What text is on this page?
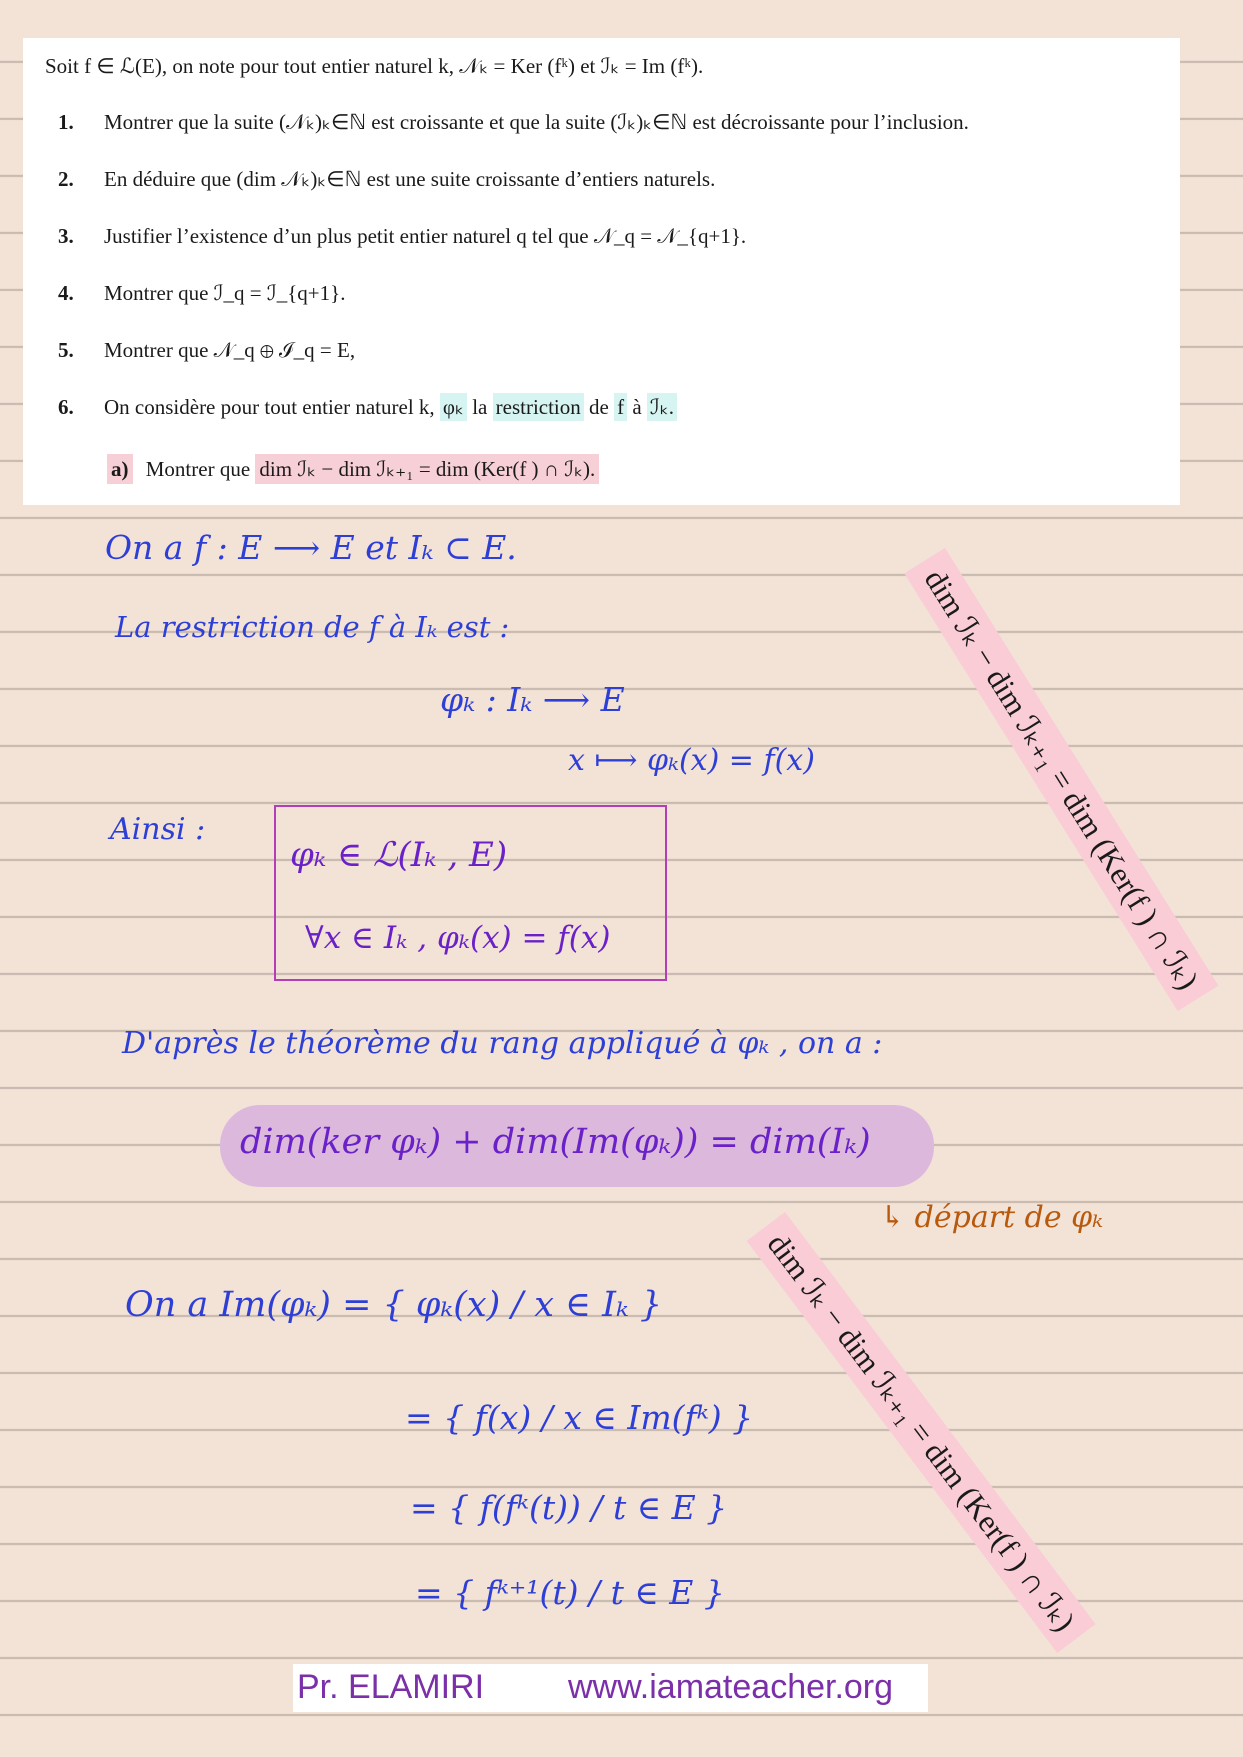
Soit f ∈ ℒ(E), on note pour tout entier naturel k, 𝒩ₖ = Ker (fᵏ) et ℐₖ = Im (fᵏ).
1. Montrer que la suite (𝒩ₖ)ₖ∈ℕ est croissante et que la suite (ℐₖ)ₖ∈ℕ est décroissante pour l’inclusion.
2. En déduire que (dim 𝒩ₖ)ₖ∈ℕ est une suite croissante d’entiers naturels.
3. Justifier l’existence d’un plus petit entier naturel q tel que 𝒩_q = 𝒩_{q+1}.
4. Montrer que ℐ_q = ℐ_{q+1}.
5. Montrer que 𝒩_q ⊕ ℐ_q = E,
6. On considère pour tout entier naturel k, φₖ la restriction de f à ℐₖ.
a) Montrer que dim ℐₖ − dim ℐₖ₊₁ = dim (Ker(f ) ∩ ℐₖ).
On a f : E ⟶ E et Iₖ ⊂ E.
La restriction de f à Iₖ est :
φₖ : Iₖ ⟶ E
x ⟼ φₖ(x) = f(x)
Ainsi :
φₖ ∈ ℒ(Iₖ , E)
∀x ∈ Iₖ , φₖ(x) = f(x)
D'après le théorème du rang appliqué à φₖ , on a :
dim(ker φₖ) + dim(Im(φₖ)) = dim(Iₖ)
↳ départ de φₖ
On a Im(φₖ) = { φₖ(x) / x ∈ Iₖ }
= { f(x) / x ∈ Im(fᵏ) }
= { f(fᵏ(t)) / t ∈ E }
= { fᵏ⁺¹(t) / t ∈ E }
dim ℐₖ − dim ℐₖ₊₁ = dim (Ker(f ) ∩ ℐₖ)
dim ℐₖ − dim ℐₖ₊₁ = dim (Ker(f ) ∩ ℐₖ)
Pr. ELAMIRI www.iamateacher.org
